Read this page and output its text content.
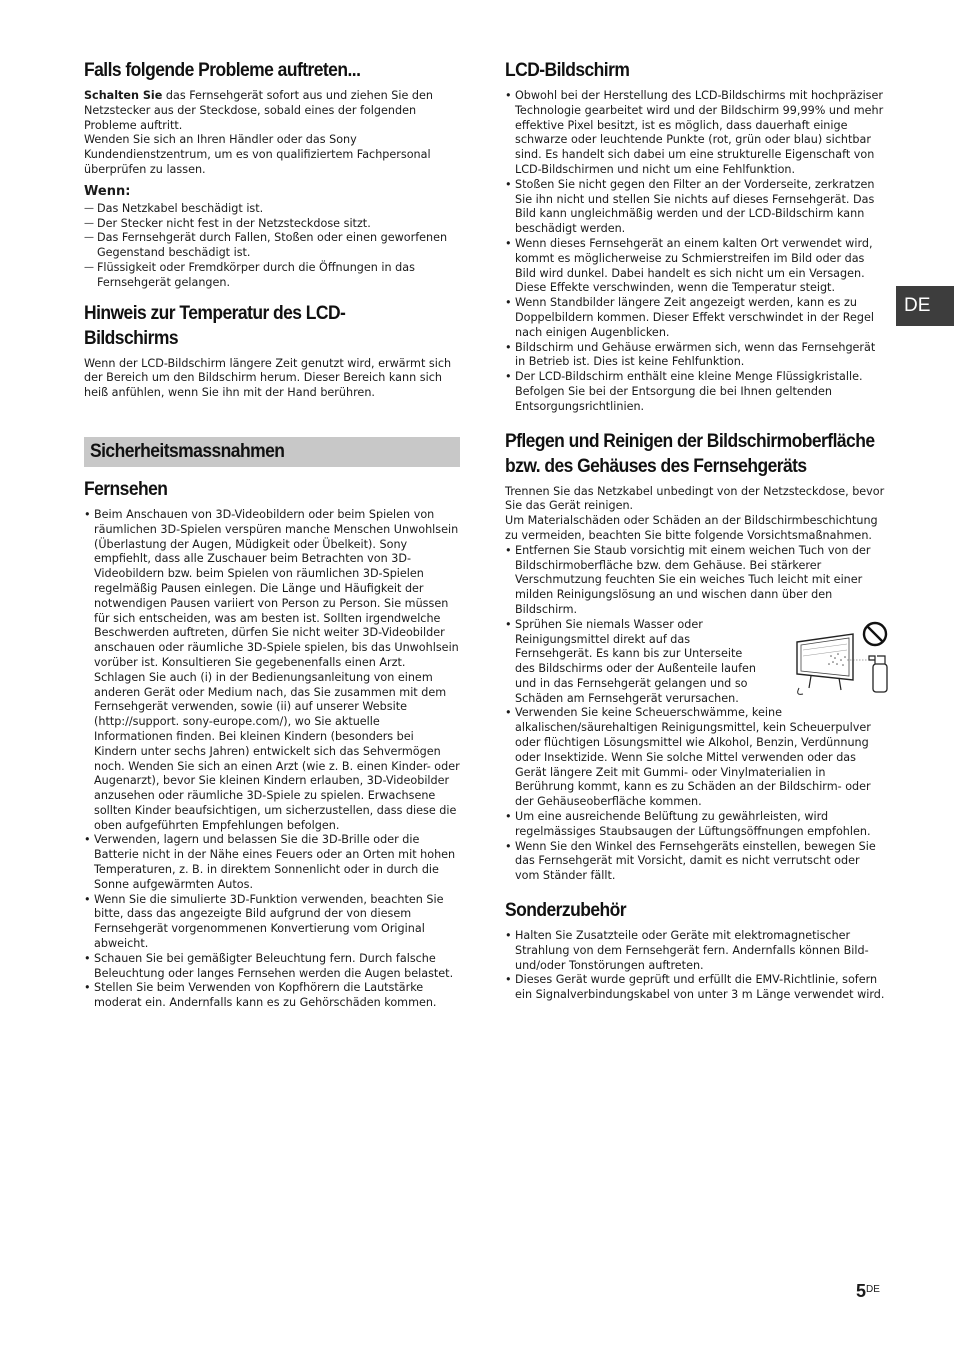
Falls folgende Probleme auftreten...

Schalten Sie das Fernsehgerät sofort aus und ziehen Sie den Netzstecker aus der Steckdose, sobald eines der folgenden Probleme auftritt.

Wenden Sie sich an Ihren Händler oder das Sony Kundendienstzentrum, um es von qualifiziertem Fachpersonal überprüfen zu lassen.

Wenn:
— Das Netzkabel beschädigt ist.
— Der Stecker nicht fest in der Netzsteckdose sitzt.
— Das Fernsehgerät durch Fallen, Stoßen oder einen geworfenen Gegenstand beschädigt ist.
— Flüssigkeit oder Fremdkörper durch die Öffnungen in das Fernsehgerät gelangen.
Hinweis zur Temperatur des LCD-Bildschirms

Wenn der LCD-Bildschirm längere Zeit genutzt wird, erwärmt sich der Bereich um den Bildschirm herum. Dieser Bereich kann sich heiß anfühlen, wenn Sie ihn mit der Hand berühren.

Sicherheitsmassnahmen
Fernsehen
• Beim Anschauen von 3D-Videobildern oder beim Spielen von räumlichen 3D-Spielen verspüren manche Menschen Unwohlsein (Überlastung der Augen, Müdigkeit oder Übelkeit). Sony empfiehlt, dass alle Zuschauer beim Betrachten von 3D-Videobildern bzw. beim Spielen von räumlichen 3D-Spielen regelmäßig Pausen einlegen. Die Länge und Häufigkeit der notwendigen Pausen variiert von Person zu Person. Sie müssen für sich entscheiden, was am besten ist. Sollten irgendwelche Beschwerden auftreten, dürfen Sie nicht weiter 3D-Videobilder anschauen oder räumliche 3D-Spiele spielen, bis das Unwohlsein vorüber ist. Konsultieren Sie gegebenenfalls einen Arzt. Schlagen Sie auch (i) in der Bedienungsanleitung von einem anderen Gerät oder Medium nach, das Sie zusammen mit dem Fernsehgerät verwenden, sowie (ii) auf unserer Website (http://support. sony-europe.com/), wo Sie aktuelle Informationen finden. Bei kleinen Kindern (besonders bei Kindern unter sechs Jahren) entwickelt sich das Sehvermögen noch. Wenden Sie sich an einen Arzt (wie z. B. einen Kinder- oder Augenarzt), bevor Sie kleinen Kindern erlauben, 3D-Videobilder anzusehen oder räumliche 3D-Spiele zu spielen. Erwachsene sollten Kinder beaufsichtigen, um sicherzustellen, dass diese die oben aufgeführten Empfehlungen befolgen.
• Verwenden, lagern und belassen Sie die 3D-Brille oder die Batterie nicht in der Nähe eines Feuers oder an Orten mit hohen Temperaturen, z. B. in direktem Sonnenlicht oder in durch die Sonne aufgewärmten Autos.
• Wenn Sie die simulierte 3D-Funktion verwenden, beachten Sie bitte, dass das angezeigte Bild aufgrund der von diesem Fernsehgerät vorgenommenen Konvertierung vom Original abweicht.
• Schauen Sie bei gemäßigter Beleuchtung fern. Durch falsche Beleuchtung oder langes Fernsehen werden die Augen belastet.
• Stellen Sie beim Verwenden von Kopfhörern die Lautstärke moderat ein. Andernfalls kann es zu Gehörschäden kommen.
LCD-Bildschirm
• Obwohl bei der Herstellung des LCD-Bildschirms mit hochpräziser Technologie gearbeitet wird und der Bildschirm 99,99% und mehr effektive Pixel besitzt, ist es möglich, dass dauerhaft einige schwarze oder leuchtende Punkte (rot, grün oder blau) sichtbar sind. Es handelt sich dabei um eine strukturelle Eigenschaft von LCD-Bildschirmen und nicht um eine Fehlfunktion.
• Stoßen Sie nicht gegen den Filter an der Vorderseite, zerkratzen Sie ihn nicht und stellen Sie nichts auf dieses Fernsehgerät. Das Bild kann ungleichmäßig werden und der LCD-Bildschirm kann beschädigt werden.
• Wenn dieses Fernsehgerät an einem kalten Ort verwendet wird, kommt es möglicherweise zu Schmierstreifen im Bild oder das Bild wird dunkel. Dabei handelt es sich nicht um ein Versagen. Diese Effekte verschwinden, wenn die Temperatur steigt.
• Wenn Standbilder längere Zeit angezeigt werden, kann es zu Doppelbildern kommen. Dieser Effekt verschwindet in der Regel nach einigen Augenblicken.
• Bildschirm und Gehäuse erwärmen sich, wenn das Fernsehgerät in Betrieb ist. Dies ist keine Fehlfunktion.
• Der LCD-Bildschirm enthält eine kleine Menge Flüssigkristalle. Befolgen Sie bei der Entsorgung die bei Ihnen geltenden Entsorgungsrichtlinien.
Pflegen und Reinigen der Bildschirmoberfläche bzw. des Gehäuses des Fernsehgeräts

Trennen Sie das Netzkabel unbedingt von der Netzsteckdose, bevor Sie das Gerät reinigen.

Um Materialschäden oder Schäden an der Bildschirmbeschichtung zu vermeiden, beachten Sie bitte folgende Vorsichtsmaßnahmen.

• Entfernen Sie Staub vorsichtig mit einem weichen Tuch von der Bildschirmoberfläche bzw. dem Gehäuse. Bei stärkerer Verschmutzung feuchten Sie ein weiches Tuch leicht mit einer milden Reinigungslösung an und wischen dann über den Bildschirm.
• Sprühen Sie niemals Wasser oder Reinigungsmittel direkt auf das Fernsehgerät. Es kann bis zur Unterseite des Bildschirms oder der Außenteile laufen und in das Fernsehgerät gelangen und so Schäden am Fernsehgerät verursachen.
• Verwenden Sie keine Scheuerschwämme, keine alkalischen/säurehaltigen Reinigungsmittel, kein Scheuerpulver oder flüchtigen Lösungsmittel wie Alkohol, Benzin, Verdünnung oder Insektizide. Wenn Sie solche Mittel verwenden oder das Gerät längere Zeit mit Gummi- oder Vinylmaterialien in Berührung kommt, kann es zu Schäden an der Bildschirm- oder der Gehäuseoberfläche kommen.
• Um eine ausreichende Belüftung zu gewährleisten, wird regelmässiges Staubsaugen der Lüftungsöffnungen empfohlen.
• Wenn Sie den Winkel des Fernsehgeräts einstellen, bewegen Sie das Fernsehgerät mit Vorsicht, damit es nicht verrutscht oder vom Ständer fällt.
Sonderzubehör
• Halten Sie Zusatzteile oder Geräte mit elektromagnetischer Strahlung von dem Fernsehgerät fern. Andernfalls können Bild- und/oder Tonstörungen auftreten.
• Dieses Gerät wurde geprüft und erfüllt die EMV-Richtlinie, sofern ein Signalverbindungskabel von unter 3 m Länge verwendet wird.
DE
5DE
